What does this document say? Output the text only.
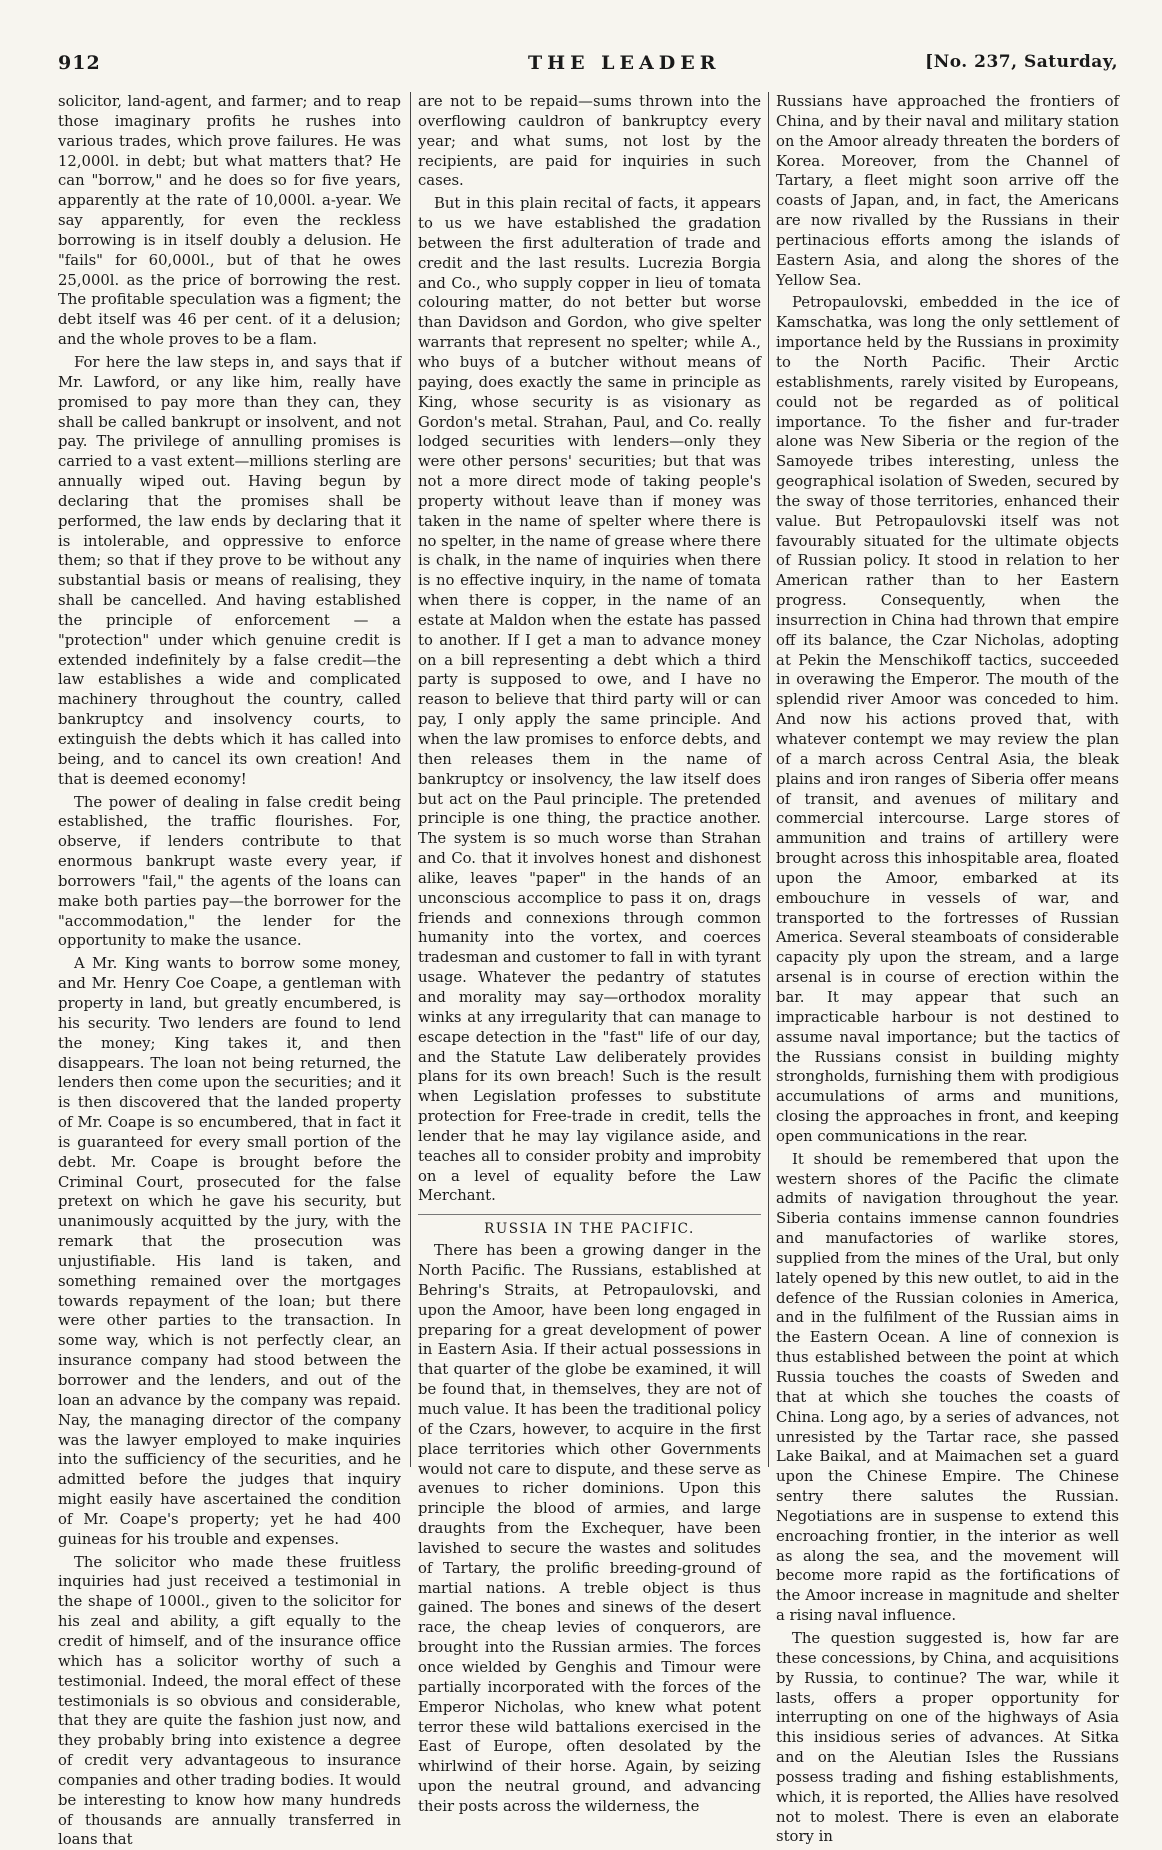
912	THE LEADER	[No. 237, Saturday,

solicitor, land-agent, and farmer; and to reap those imaginary profits he rushes into various trades, which prove failures. He was 12,000l. in debt; but what matters that? He can "borrow," and he does so for five years, apparently at the rate of 10,000l. a-year. We say apparently, for even the reckless borrowing is in itself doubly a delusion. He "fails" for 60,000l., but of that he owes 25,000l. as the price of borrowing the rest. The profitable speculation was a figment; the debt itself was 46 per cent. of it a delusion; and the whole proves to be a flam.

For here the law steps in, and says that if Mr. Lawford, or any like him, really have promised to pay more than they can, they shall be called bankrupt or insolvent, and not pay. The privilege of annulling promises is carried to a vast extent—millions sterling are annually wiped out. Having begun by declaring that the promises shall be performed, the law ends by declaring that it is intolerable, and oppressive to enforce them; so that if they prove to be without any substantial basis or means of realising, they shall be cancelled. And having established the principle of enforcement — a "protection" under which genuine credit is extended indefinitely by a false credit—the law establishes a wide and complicated machinery throughout the country, called bankruptcy and insolvency courts, to extinguish the debts which it has called into being, and to cancel its own creation! And that is deemed economy!

The power of dealing in false credit being established, the traffic flourishes. For, observe, if lenders contribute to that enormous bankrupt waste every year, if borrowers "fail," the agents of the loans can make both parties pay—the borrower for the "accommodation," the lender for the opportunity to make the usance.

A Mr. King wants to borrow some money, and Mr. Henry Coe Coape, a gentleman with property in land, but greatly encumbered, is his security. Two lenders are found to lend the money; King takes it, and then disappears. The loan not being returned, the lenders then come upon the securities; and it is then discovered that the landed property of Mr. Coape is so encumbered, that in fact it is guaranteed for every small portion of the debt. Mr. Coape is brought before the Criminal Court, prosecuted for the false pretext on which he gave his security, but unanimously acquitted by the jury, with the remark that the prosecution was unjustifiable. His land is taken, and something remained over the mortgages towards repayment of the loan; but there were other parties to the transaction. In some way, which is not perfectly clear, an insurance company had stood between the borrower and the lenders, and out of the loan an advance by the company was repaid. Nay, the managing director of the company was the lawyer employed to make inquiries into the sufficiency of the securities, and he admitted before the judges that inquiry might easily have ascertained the condition of Mr. Coape's property; yet he had 400 guineas for his trouble and expenses.

The solicitor who made these fruitless inquiries had just received a testimonial in the shape of 1000l., given to the solicitor for his zeal and ability, a gift equally to the credit of himself, and of the insurance office which has a solicitor worthy of such a testimonial. Indeed, the moral effect of these testimonials is so obvious and considerable, that they are quite the fashion just now, and they probably bring into existence a degree of credit very advantageous to insurance companies and other trading bodies. It would be interesting to know how many hundreds of thousands are annually transferred in loans that

are not to be repaid—sums thrown into the overflowing cauldron of bankruptcy every year; and what sums, not lost by the recipients, are paid for inquiries in such cases.

But in this plain recital of facts, it appears to us we have established the gradation between the first adulteration of trade and credit and the last results. Lucrezia Borgia and Co., who supply copper in lieu of tomata colouring matter, do not better but worse than Davidson and Gordon, who give spelter warrants that represent no spelter; while A., who buys of a butcher without means of paying, does exactly the same in principle as King, whose security is as visionary as Gordon's metal. Strahan, Paul, and Co. really lodged securities with lenders—only they were other persons' securities; but that was not a more direct mode of taking people's property without leave than if money was taken in the name of spelter where there is no spelter, in the name of grease where there is chalk, in the name of inquiries when there is no effective inquiry, in the name of tomata when there is copper, in the name of an estate at Maldon when the estate has passed to another. If I get a man to advance money on a bill representing a debt which a third party is supposed to owe, and I have no reason to believe that third party will or can pay, I only apply the same principle. And when the law promises to enforce debts, and then releases them in the name of bankruptcy or insolvency, the law itself does but act on the Paul principle. The pretended principle is one thing, the practice another. The system is so much worse than Strahan and Co. that it involves honest and dishonest alike, leaves "paper" in the hands of an unconscious accomplice to pass it on, drags friends and connexions through common humanity into the vortex, and coerces tradesman and customer to fall in with tyrant usage. Whatever the pedantry of statutes and morality may say—orthodox morality winks at any irregularity that can manage to escape detection in the "fast" life of our day, and the Statute Law deliberately provides plans for its own breach! Such is the result when Legislation professes to substitute protection for Free-trade in credit, tells the lender that he may lay vigilance aside, and teaches all to consider probity and improbity on a level of equality before the Law Merchant.

RUSSIA IN THE PACIFIC.

There has been a growing danger in the North Pacific. The Russians, established at Behring's Straits, at Petropaulovski, and upon the Amoor, have been long engaged in preparing for a great development of power in Eastern Asia. If their actual possessions in that quarter of the globe be examined, it will be found that, in themselves, they are not of much value. It has been the traditional policy of the Czars, however, to acquire in the first place territories which other Governments would not care to dispute, and these serve as avenues to richer dominions. Upon this principle the blood of armies, and large draughts from the Exchequer, have been lavished to secure the wastes and solitudes of Tartary, the prolific breeding-ground of martial nations. A treble object is thus gained. The bones and sinews of the desert race, the cheap levies of conquerors, are brought into the Russian armies. The forces once wielded by Genghis and Timour were partially incorporated with the forces of the Emperor Nicholas, who knew what potent terror these wild battalions exercised in the East of Europe, often desolated by the whirlwind of their horse. Again, by seizing upon the neutral ground, and advancing their posts across the wilderness, the

Russians have approached the frontiers of China, and by their naval and military station on the Amoor already threaten the borders of Korea. Moreover, from the Channel of Tartary, a fleet might soon arrive off the coasts of Japan, and, in fact, the Americans are now rivalled by the Russians in their pertinacious efforts among the islands of Eastern Asia, and along the shores of the Yellow Sea.

Petropaulovski, embedded in the ice of Kamschatka, was long the only settlement of importance held by the Russians in proximity to the North Pacific. Their Arctic establishments, rarely visited by Europeans, could not be regarded as of political importance. To the fisher and fur-trader alone was New Siberia or the region of the Samoyede tribes interesting, unless the geographical isolation of Sweden, secured by the sway of those territories, enhanced their value. But Petropaulovski itself was not favourably situated for the ultimate objects of Russian policy. It stood in relation to her American rather than to her Eastern progress. Consequently, when the insurrection in China had thrown that empire off its balance, the Czar Nicholas, adopting at Pekin the Menschikoff tactics, succeeded in overawing the Emperor. The mouth of the splendid river Amoor was conceded to him. And now his actions proved that, with whatever contempt we may review the plan of a march across Central Asia, the bleak plains and iron ranges of Siberia offer means of transit, and avenues of military and commercial intercourse. Large stores of ammunition and trains of artillery were brought across this inhospitable area, floated upon the Amoor, embarked at its embouchure in vessels of war, and transported to the fortresses of Russian America. Several steamboats of considerable capacity ply upon the stream, and a large arsenal is in course of erection within the bar. It may appear that such an impracticable harbour is not destined to assume naval importance; but the tactics of the Russians consist in building mighty strongholds, furnishing them with prodigious accumulations of arms and munitions, closing the approaches in front, and keeping open communications in the rear.

It should be remembered that upon the western shores of the Pacific the climate admits of navigation throughout the year. Siberia contains immense cannon foundries and manufactories of warlike stores, supplied from the mines of the Ural, but only lately opened by this new outlet, to aid in the defence of the Russian colonies in America, and in the fulfilment of the Russian aims in the Eastern Ocean. A line of connexion is thus established between the point at which Russia touches the coasts of Sweden and that at which she touches the coasts of China. Long ago, by a series of advances, not unresisted by the Tartar race, she passed Lake Baikal, and at Maimachen set a guard upon the Chinese Empire. The Chinese sentry there salutes the Russian. Negotiations are in suspense to extend this encroaching frontier, in the interior as well as along the sea, and the movement will become more rapid as the fortifications of the Amoor increase in magnitude and shelter a rising naval influence.

The question suggested is, how far are these concessions, by China, and acquisitions by Russia, to continue? The war, while it lasts, offers a proper opportunity for interrupting on one of the highways of Asia this insidious series of advances. At Sitka and on the Aleutian Isles the Russians possess trading and fishing establishments, which, it is reported, the Allies have resolved not to molest. There is even an elaborate story in
